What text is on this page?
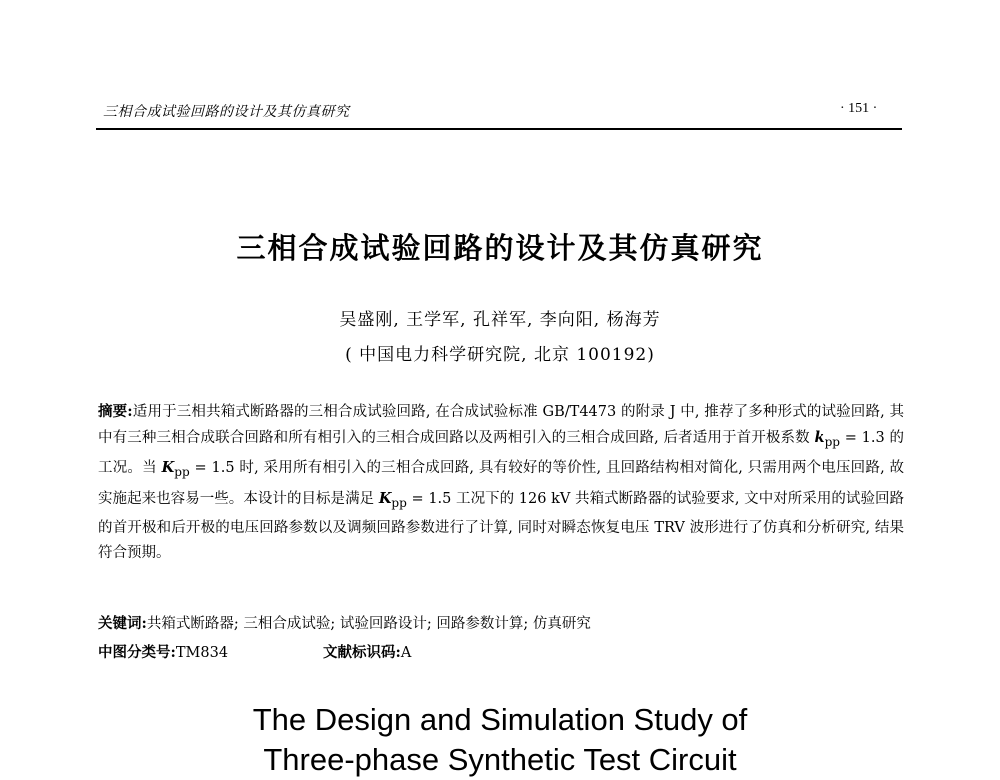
三相合成试验回路的设计及其仿真研究	· 151 ·
三相合成试验回路的设计及其仿真研究
吴盛刚, 王学军, 孔祥军, 李向阳, 杨海芳
( 中国电力科学研究院, 北京 100192)
摘要:适用于三相共箱式断路器的三相合成试验回路, 在合成试验标准 GB/T4473 的附录 J 中, 推荐了多种形式的试验回路, 其中有三种三相合成联合回路和所有相引入的三相合成回路以及两相引入的三相合成回路, 后者适用于首开极系数 $k_{pp} = 1.3$ 的工况。当 $K_{pp} = 1.5$ 时, 采用所有相引入的三相合成回路, 具有较好的等价性, 且回路结构相对简化, 只需用两个电压回路, 故实施起来也容易一些。本设计的目标是满足 $K_{pp} = 1.5$ 工况下的 126 kV 共箱式断路器的试验要求, 文中对所采用的试验回路的首开极和后开极的电压回路参数以及调频回路参数进行了计算, 同时对瞬态恢复电压 TRV 波形进行了仿真和分析研究, 结果符合预期。
关键词:共箱式断路器; 三相合成试验; 试验回路设计; 回路参数计算; 仿真研究
中图分类号:TM834	文献标识码:A
The Design and Simulation Study of
Three-phase Synthetic Test Circuit
